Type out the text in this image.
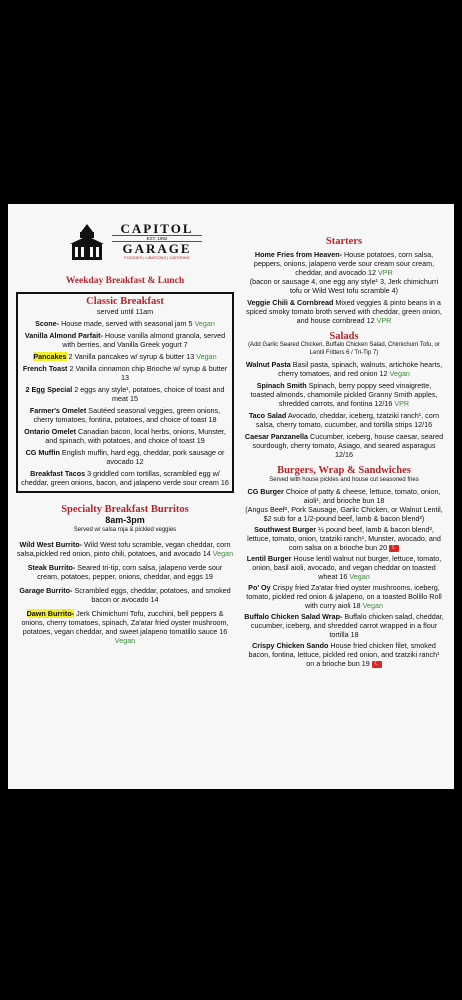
CAPITOL
EST. 1992
GARAGE
FOODIES | LIBATIONS | CATERING
Weekday Breakfast & Lunch

Classic Breakfast

served until 11am

Scone- House made, served with seasonal jam 5 Vegan

Vanilla Almond Parfait- House vanilla almond granola, served with berries, and Vanilla Greek yogurt 7

Pancakes 2 Vanilla pancakes w/ syrup & butter 13 Vegan

French Toast 2 Vanilla cinnamon chip Brioche w/ syrup & butter 13

2 Egg Special 2 eggs any style¹, potatoes, choice of toast and meat 15

Farmer's Omelet Sautéed seasonal veggies, green onions, cherry tomatoes, fontina, potatoes, and choice of toast 18

Ontario Omelet Canadian bacon, local herbs, onions, Munster, and spinach, with potatoes, and choice of toast 19

CG Muffin English muffin, hard egg, cheddar, pork sausage or avocado 12

Breakfast Tacos 3 griddled corn tortillas, scrambled egg w/ cheddar, green onions, bacon, and jalapeno verde sour cream 16

Specialty Breakfast Burritos

8am-3pm

Served w/ salsa roja & pickled veggies

Wild West Burrito- Wild West tofu scramble, vegan cheddar, corn salsa,pickled red onion, pinto chili, potatoes, and avocado 14 Vegan

Steak Burrito- Seared tri-tip, corn salsa, jalapeno verde sour cream, potatoes, pepper, onions, cheddar, and eggs 19

Garage Burrito- Scrambled eggs, cheddar, potatoes, and smoked bacon or avocado 14

Dawn Burrito- Jerk Chimichurri Tofu, zucchini, bell peppers & onions, cherry tomatoes, spinach, Za'atar fried oyster mushroom, potatoes, vegan cheddar, and sweet jalapeno tomatillo sauce 16 Vegan

Starters

Home Fries from Heaven- House potatoes, corn salsa, peppers, onions, jalapeno verde sour cream sour cream, cheddar, and avocado 12 VPR

(bacon or sausage 4, one egg any style¹ 3, Jerk chimichurri tofu or Wild West tofu scramble 4)

Veggie Chili & Cornbread Mixed veggies & pinto beans in a spiced smoky tomato broth served with cheddar, green onion, and house cornbread 12 VPR

Salads

(Add Garlic Seared Chicken, Buffalo Chicken Salad, Chimichurri Tofu, or Lentil Fritters 6 / Tri-Tip 7)

Walnut Pasta Basil pasta, spinach, walnuts, artichoke hearts, cherry tomatoes, and red onion 12 Vegan

Spinach Smith Spinach, berry poppy seed vinaigrette, toasted almonds, chamomile pickled Granny Smith apples, shredded carrots, and fontina 12/16 VPR

Taco Salad Avocado, cheddar, iceberg, tzatziki ranch¹, corn salsa, cherry tomato, cucumber, and tortilla strips 12/16

Caesar Panzanella Cucumber, iceberg, house caesar, seared sourdough, cherry tomato, Asiago, and seared asparagus 12/16

Burgers, Wrap & Sandwiches

Served with house pickles and house cut seasoned fries

CG Burger Choice of patty & cheese, lettuce, tomato, onion, aioli¹, and brioche bun 18

(Angus Beef², Pork Sausage, Garlic Chicken, or Walnut Lentil, $2 sub for a 1/2-pound beef, lamb & bacon blend²)

Southwest Burger ½ pound beef, lamb & bacon blend², lettuce, tomato, onion, tzatziki ranch¹, Munster, avocado, and corn salsa on a brioche bun 20 ☾

Lentil Burger House lentil walnut nut burger, lettuce, tomato, onion, basil aioli, avocado, and vegan cheddar on toasted wheat 16 Vegan

Po' Oy Crispy fried Za'atar fried oyster mushrooms, iceberg, tomato, pickled red onion & jalapeno, on a toasted Bolillo Roll with curry aioli 18 Vegan

Buffalo Chicken Salad Wrap- Buffalo chicken salad, cheddar, cucumber, iceberg, and shredded carrot wrapped in a flour tortilla 18

Crispy Chicken Sando House fried chicken filet, smoked bacon, fontina, lettuce, pickled red onion, and tzatziki ranch¹ on a brioche bun 19 ☾
